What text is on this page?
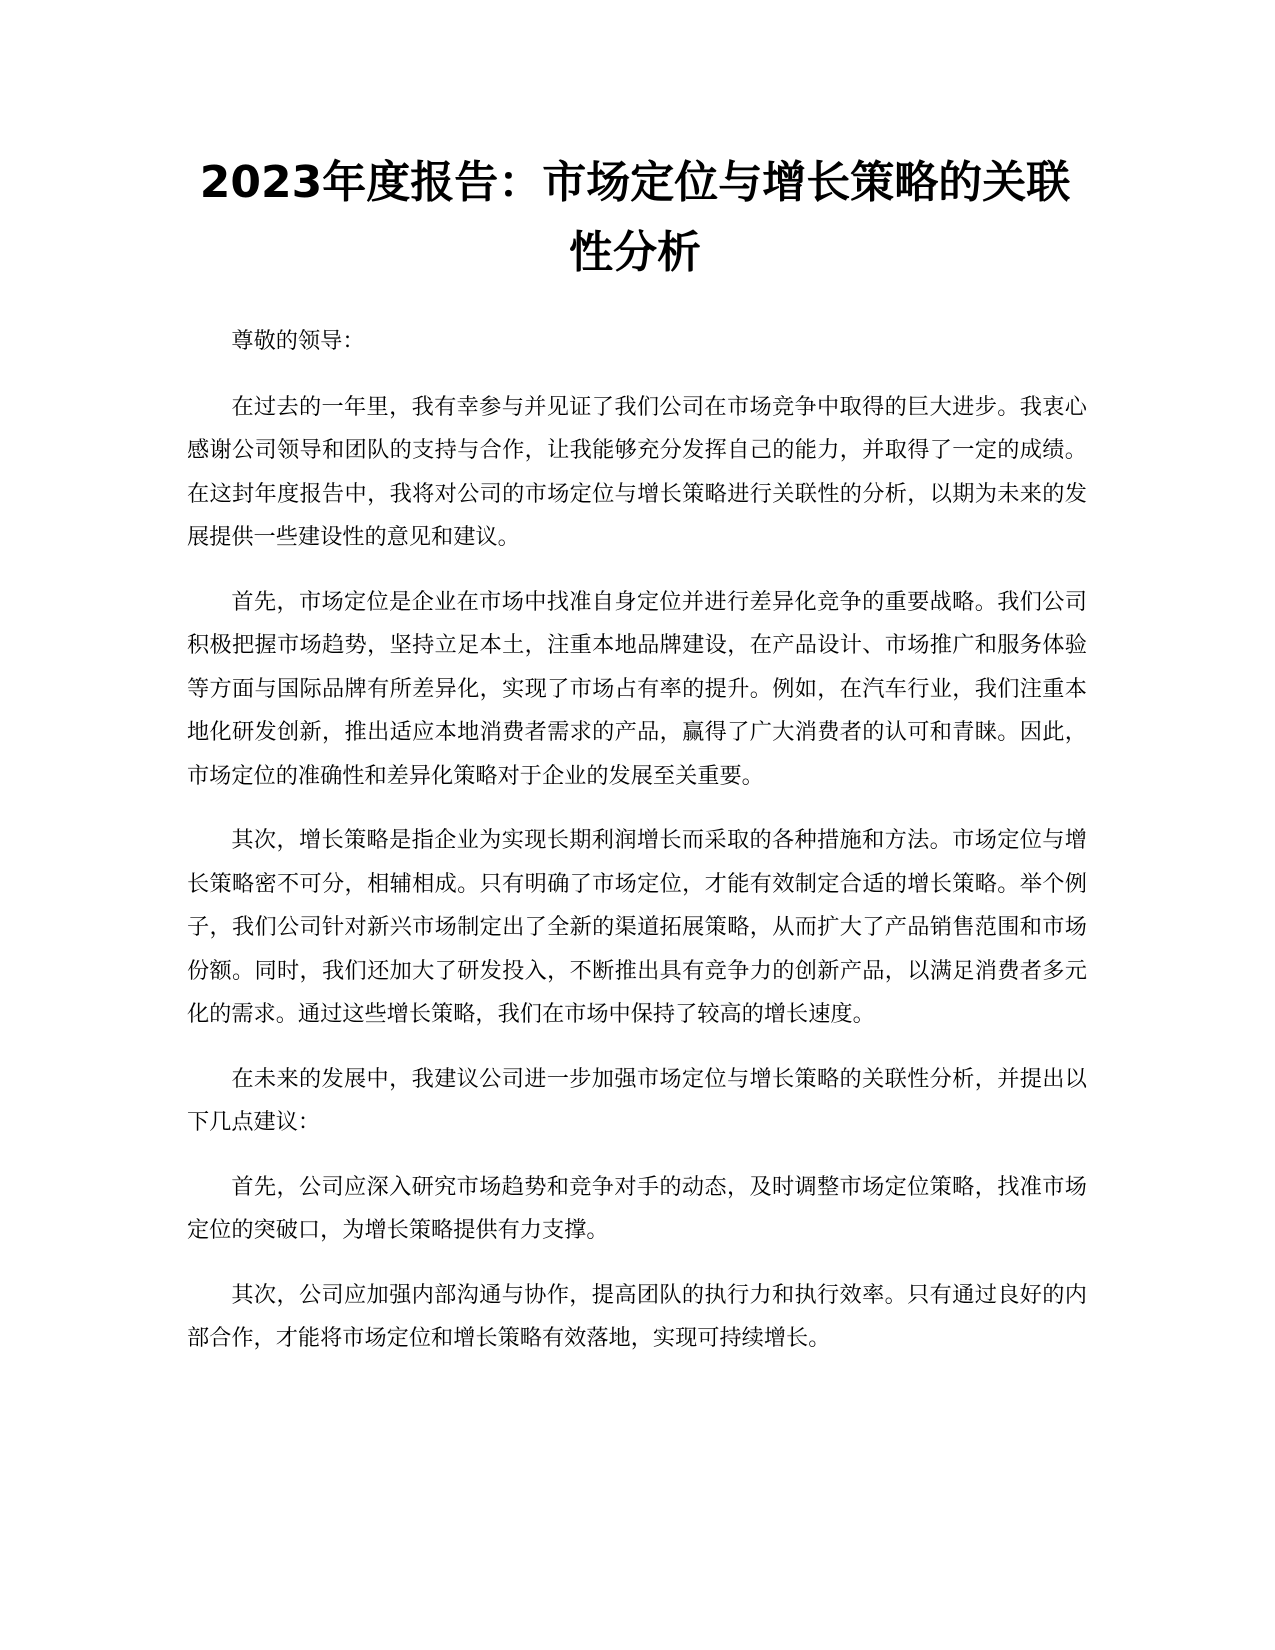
2023年度报告：市场定位与增长策略的关联性分析

尊敬的领导：

在过去的一年里，我有幸参与并见证了我们公司在市场竞争中取得的巨大进步。我衷心感谢公司领导和团队的支持与合作，让我能够充分发挥自己的能力，并取得了一定的成绩。在这封年度报告中，我将对公司的市场定位与增长策略进行关联性的分析，以期为未来的发展提供一些建设性的意见和建议。

首先，市场定位是企业在市场中找准自身定位并进行差异化竞争的重要战略。我们公司积极把握市场趋势，坚持立足本土，注重本地品牌建设，在产品设计、市场推广和服务体验等方面与国际品牌有所差异化，实现了市场占有率的提升。例如，在汽车行业，我们注重本地化研发创新，推出适应本地消费者需求的产品，赢得了广大消费者的认可和青睐。因此，市场定位的准确性和差异化策略对于企业的发展至关重要。

其次，增长策略是指企业为实现长期利润增长而采取的各种措施和方法。市场定位与增长策略密不可分，相辅相成。只有明确了市场定位，才能有效制定合适的增长策略。举个例子，我们公司针对新兴市场制定出了全新的渠道拓展策略，从而扩大了产品销售范围和市场份额。同时，我们还加大了研发投入，不断推出具有竞争力的创新产品，以满足消费者多元化的需求。通过这些增长策略，我们在市场中保持了较高的增长速度。

在未来的发展中，我建议公司进一步加强市场定位与增长策略的关联性分析，并提出以下几点建议：

首先，公司应深入研究市场趋势和竞争对手的动态，及时调整市场定位策略，找准市场定位的突破口，为增长策略提供有力支撑。

其次，公司应加强内部沟通与协作，提高团队的执行力和执行效率。只有通过良好的内部合作，才能将市场定位和增长策略有效落地，实现可持续增长。
